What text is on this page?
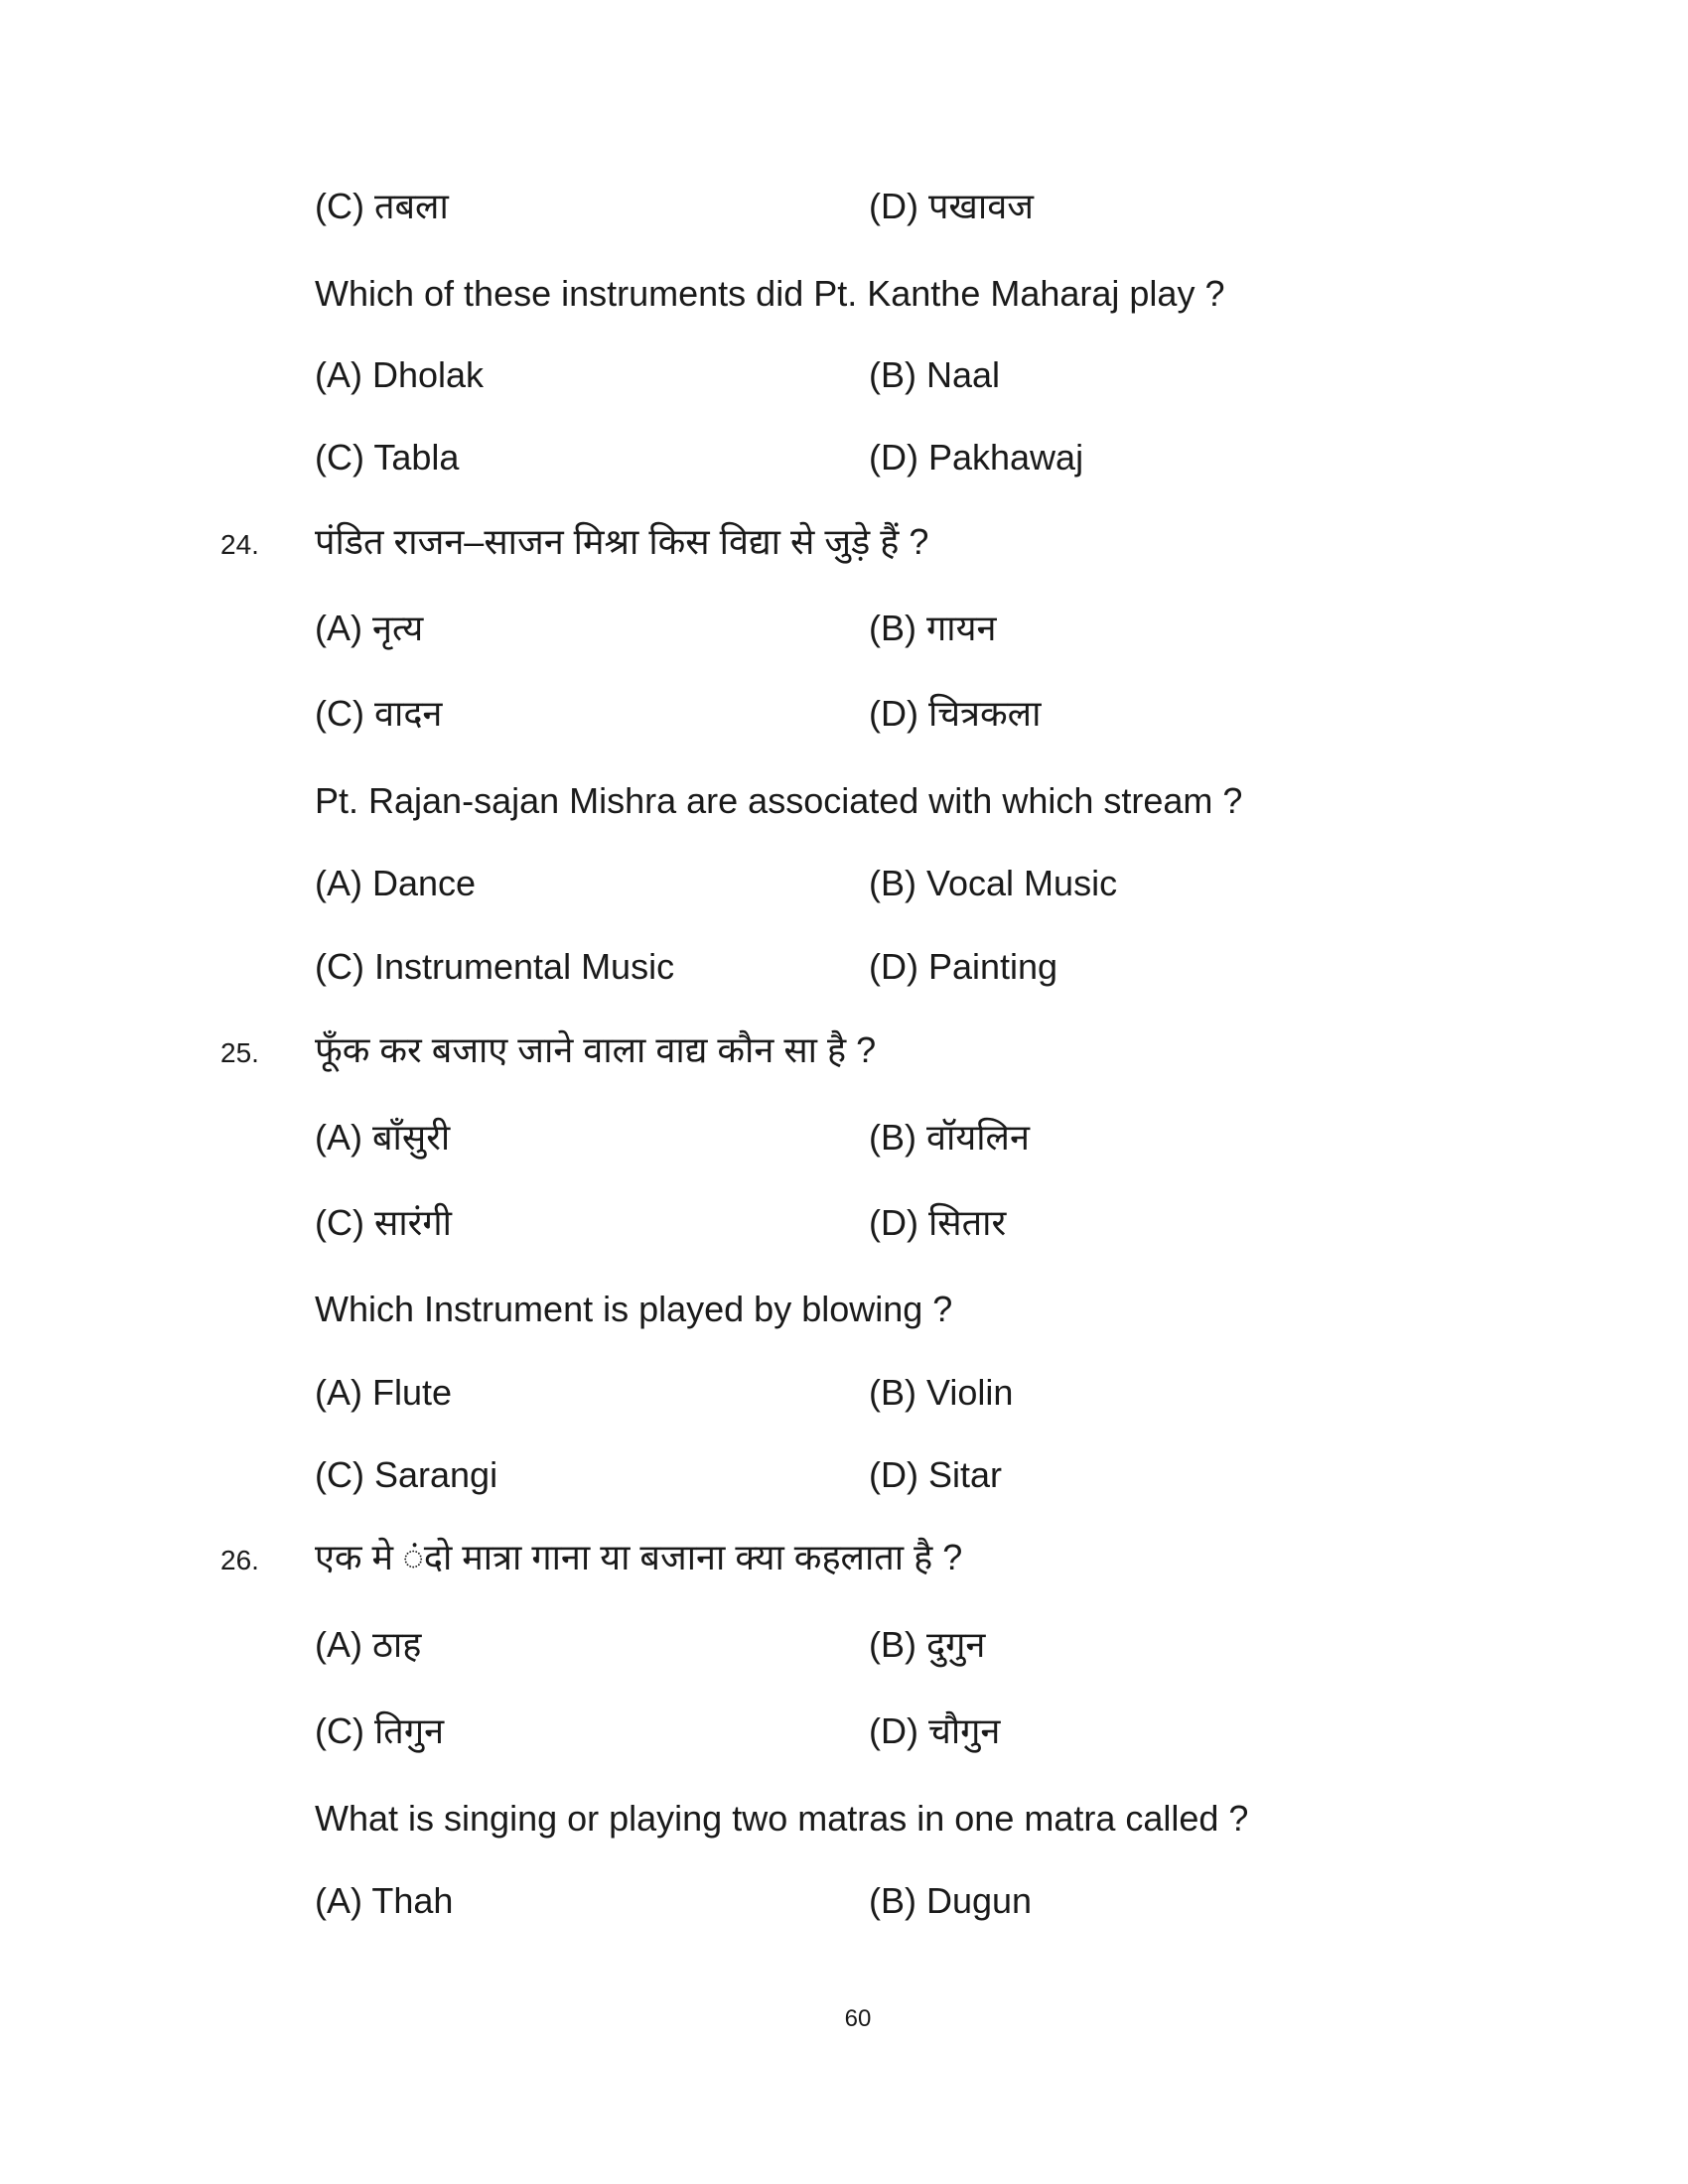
(C) तबला	(D) पखावज
Which of these instruments did Pt. Kanthe Maharaj play ?
(A) Dholak	(B) Naal
(C) Tabla	(D) Pakhawaj
24. पंडित राजन–साजन मिश्रा किस विद्या से जुड़े हैं ?
(A) नृत्य	(B) गायन
(C) वादन	(D) चित्रकला
Pt. Rajan-sajan Mishra are associated with which stream ?
(A) Dance	(B) Vocal Music
(C) Instrumental Music	(D) Painting
25. फूँक कर बजाए जाने वाला वाद्य कौन सा है ?
(A) बाँसुरी	(B) वॉयलिन
(C) सारंगी	(D) सितार
Which Instrument is played by blowing ?
(A) Flute	(B) Violin
(C) Sarangi	(D) Sitar
26. एक मे ंदो मात्रा गाना या बजाना क्या कहलाता है ?
(A) ठाह	(B) दुगुन
(C) तिगुन	(D) चौगुन
What is singing or playing two matras in one matra called ?
(A) Thah	(B) Dugun
60
